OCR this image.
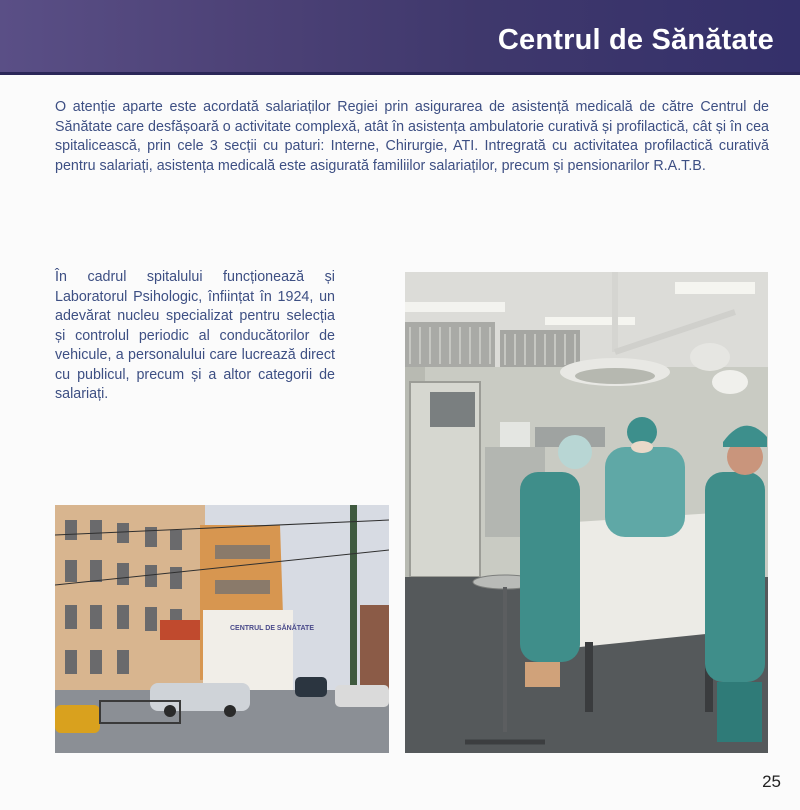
Centrul de Sănătate

O atenție aparte este acordată salariaților Regiei prin asigurarea de asistență medicală de către Centrul de Sănătate care desfășoară o activitate complexă, atât în asistența ambulatorie curativă și profilactică, cât și în cea spitalicească, prin cele 3 secții cu paturi: Interne, Chirurgie, ATI. Intregrată cu activitatea profilactică curativă pentru salariați, asistența medicală este asigurată familiilor salariaților, precum și pensionarilor R.A.T.B.

În cadrul spitalului funcționează și Laboratorul Psihologic, înființat în 1924, un adevărat nucleu specializat pentru selecția și controlul periodic al conducătorilor de vehicule, a personalului care lucrează direct cu publicul, precum și a altor categorii de salariați.

CENTRUL DE SĂNĂTATE
25
